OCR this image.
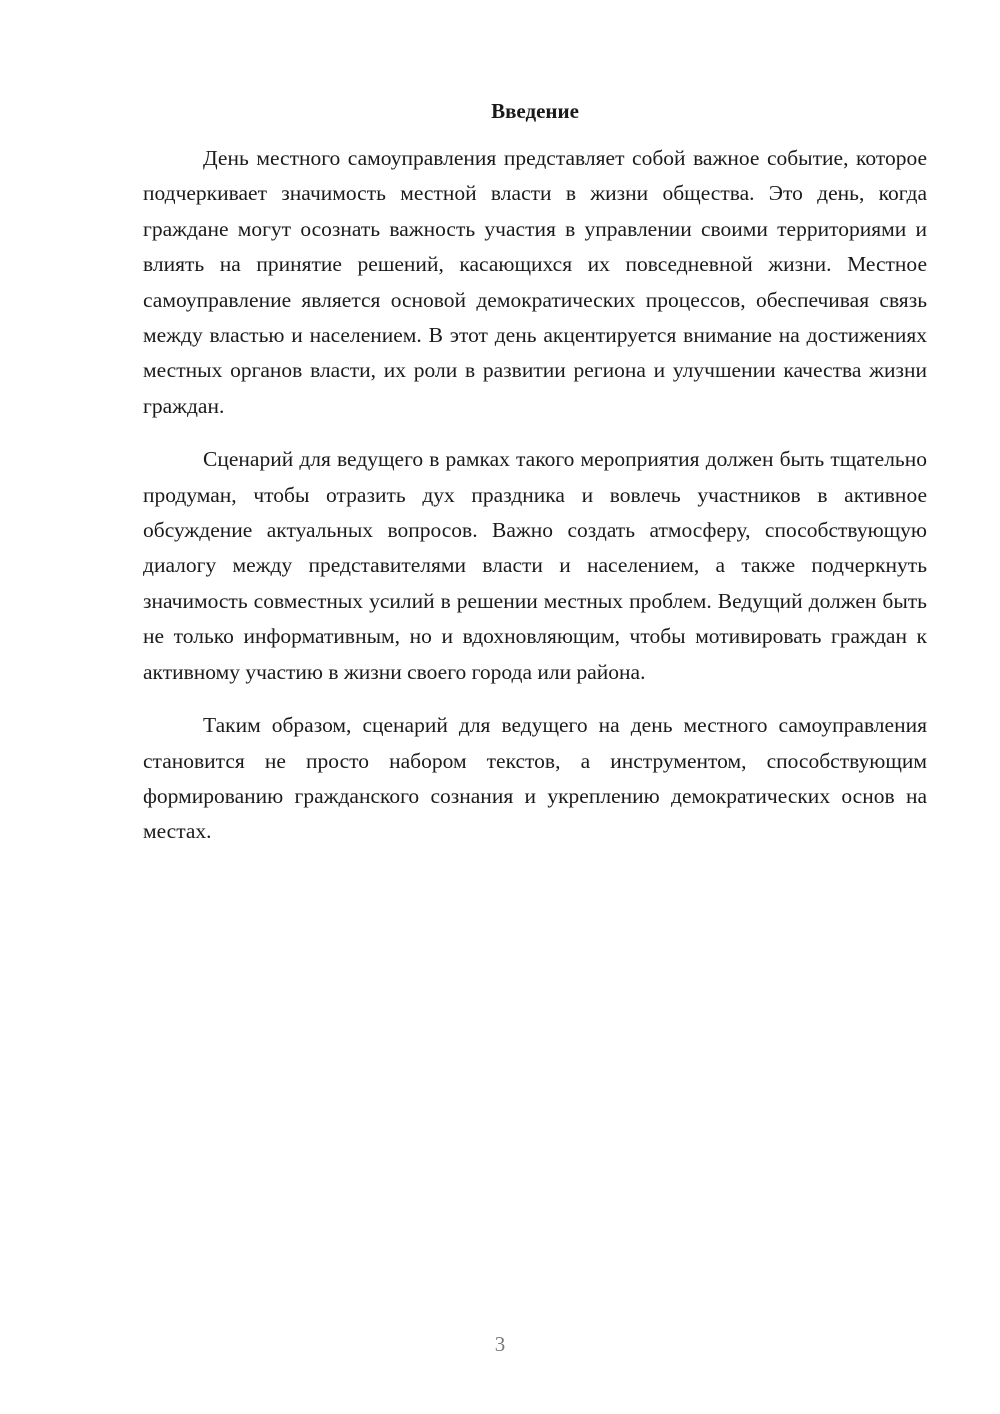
Введение

День местного самоуправления представляет собой важное событие, которое подчеркивает значимость местной власти в жизни общества. Это день, когда граждане могут осознать важность участия в управлении своими территориями и влиять на принятие решений, касающихся их повседневной жизни. Местное самоуправление является основой демократических процессов, обеспечивая связь между властью и населением. В этот день акцентируется внимание на достижениях местных органов власти, их роли в развитии региона и улучшении качества жизни граждан.

Сценарий для ведущего в рамках такого мероприятия должен быть тщательно продуман, чтобы отразить дух праздника и вовлечь участников в активное обсуждение актуальных вопросов. Важно создать атмосферу, способствующую диалогу между представителями власти и населением, а также подчеркнуть значимость совместных усилий в решении местных проблем. Ведущий должен быть не только информативным, но и вдохновляющим, чтобы мотивировать граждан к активному участию в жизни своего города или района.

Таким образом, сценарий для ведущего на день местного самоуправления становится не просто набором текстов, а инструментом, способствующим формированию гражданского сознания и укреплению демократических основ на местах.

3
